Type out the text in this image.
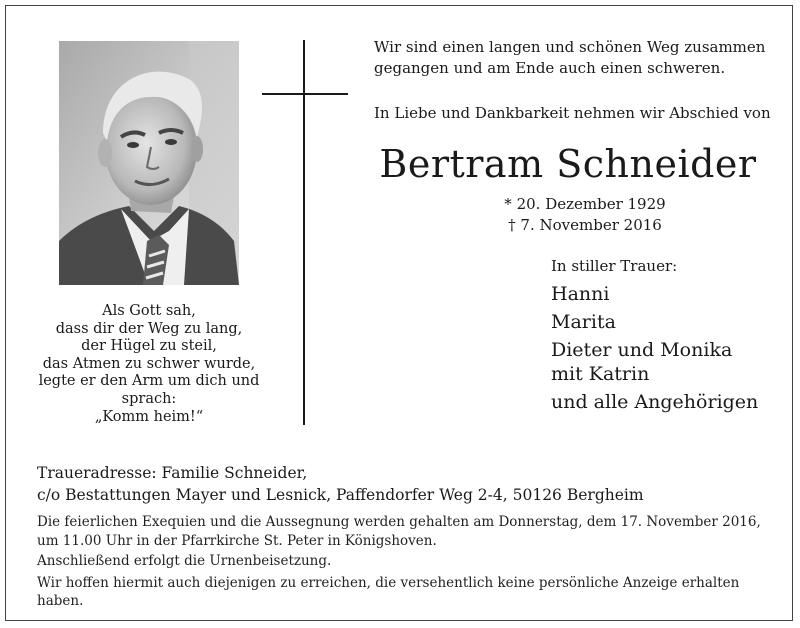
Als Gott sah,
dass dir der Weg zu lang,
der Hügel zu steil,
das Atmen zu schwer wurde,
legte er den Arm um dich und
sprach:
„Komm heim!“
Wir sind einen langen und schönen Weg zusammen
gegangen und am Ende auch einen schweren.
In Liebe und Dankbarkeit nehmen wir Abschied von
Bertram Schneider
* 20. Dezember 1929
† 7. November 2016
In stiller Trauer:
Hanni
Marita
Dieter und Monika
mit Katrin
und alle Angehörigen
Traueradresse: Familie Schneider,
c/o Bestattungen Mayer und Lesnick, Paffendorfer Weg 2-4, 50126 Bergheim

Die feierlichen Exequien und die Aussegnung werden gehalten am Donnerstag, dem 17. November 2016, um 11.00 Uhr in der Pfarrkirche St. Peter in Königshoven.

Anschließend erfolgt die Urnenbeisetzung.

Wir hoffen hiermit auch diejenigen zu erreichen, die versehentlich keine persönliche Anzeige erhalten haben.
